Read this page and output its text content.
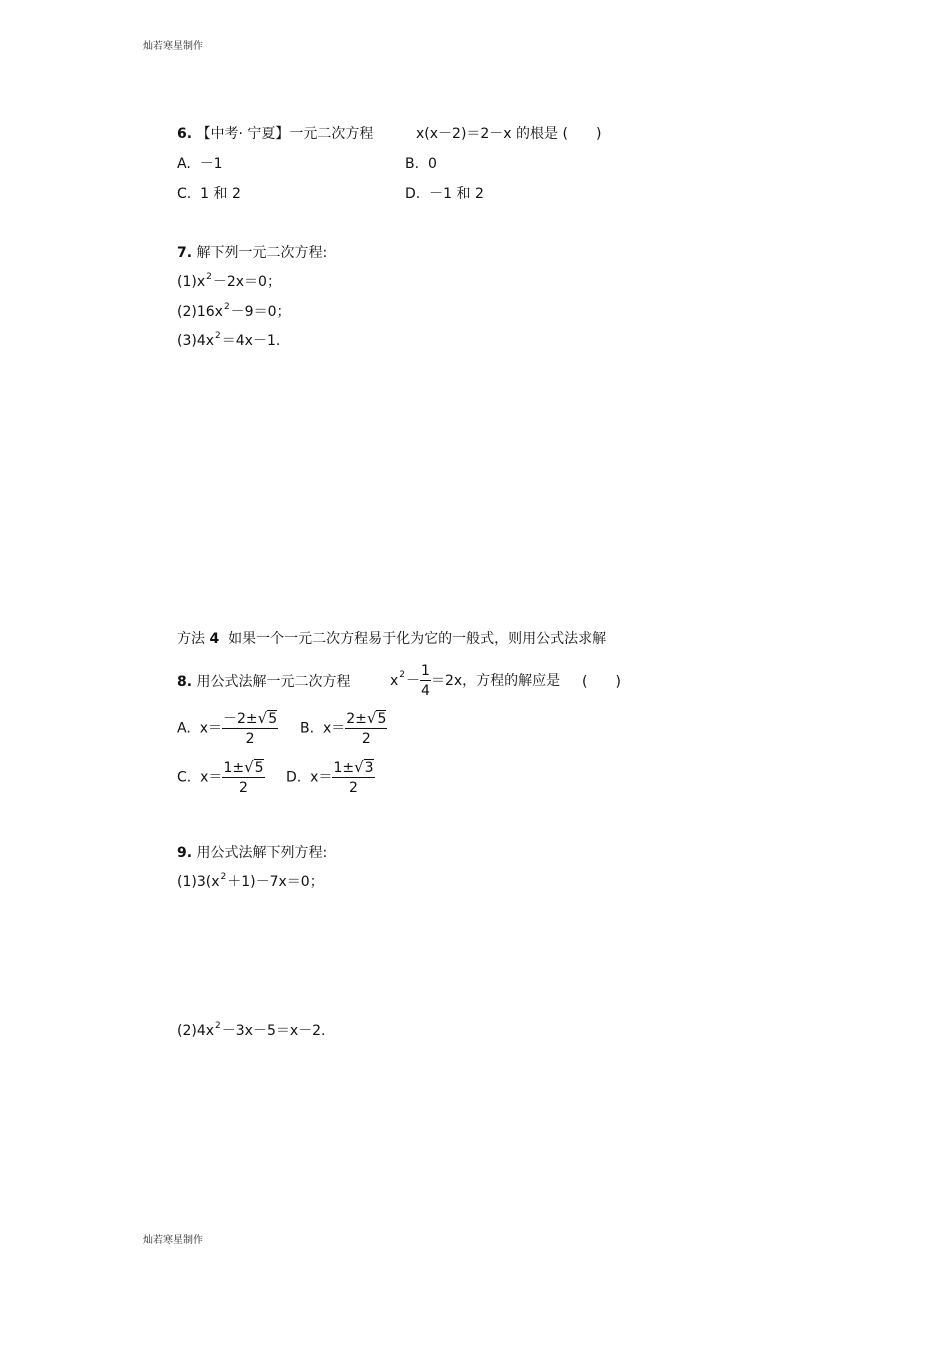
灿若寒星制作
灿若寒星制作
6. 【中考· 宁夏】一元二次方程	x(x－2)＝2－x 的根是 (　　)
A. －1	B. 0
C. 1 和 2	D. －1 和 2
7. 解下列一元二次方程:
$(1)x^2-2x=0$；
$(2)16x^2-9=0$；
$(3)4x^2=4x-1$.
方法 4 如果一个一元二次方程易于化为它的一般式，则用公式法求解
8. 用公式法解一元二次方程	$x^2- \frac{1}{4} =2x$，方程的解应是 (　　)
A. $x= \frac{-2\pm√5}{2} B$. $x= \frac{2\pm√5}{2}$
C. $x= \frac{1\pm√5}{2} D$. $x= \frac{1\pm√3}{2}$
9. 用公式法解下列方程:
$(1)3(x^2+1)-7x=0$；
$(2)4x^2-3x-5=x-2$.
